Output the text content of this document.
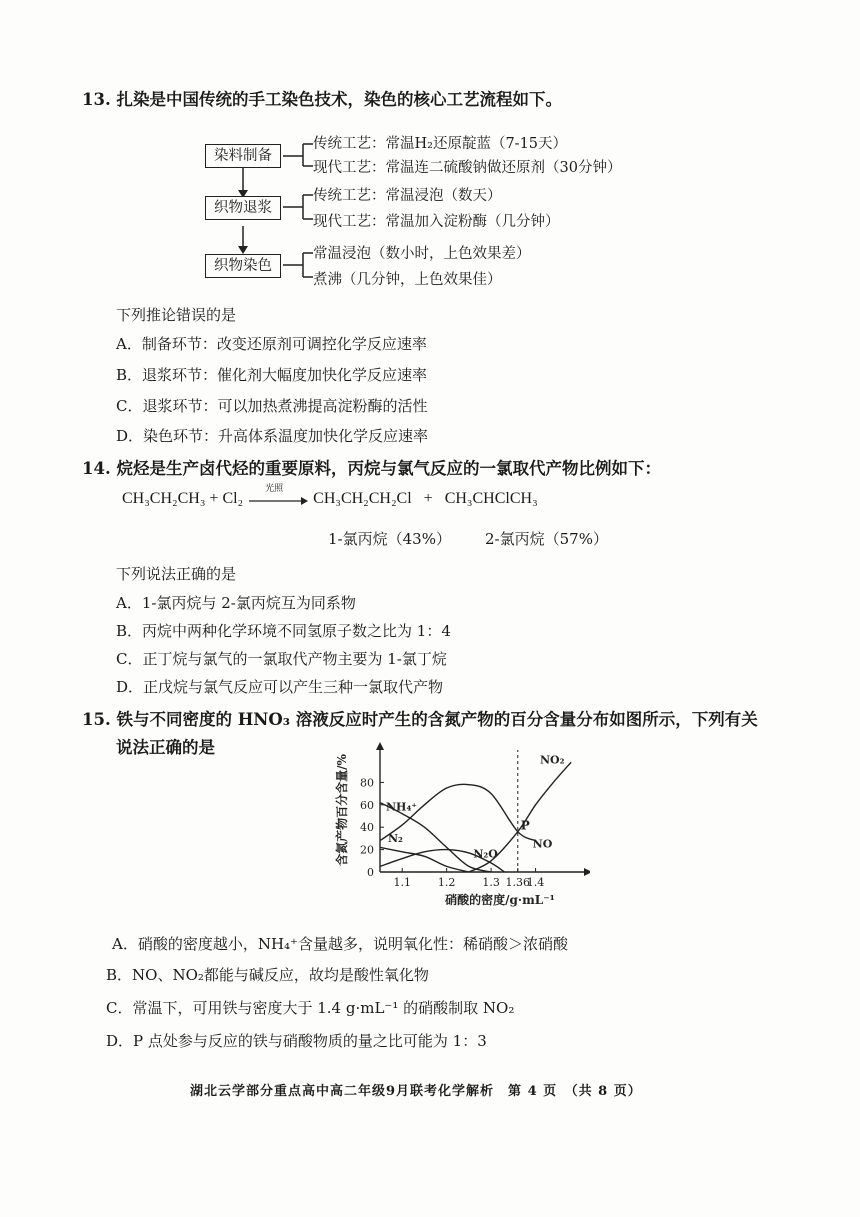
13. 扎染是中国传统的手工染色技术，染色的核心工艺流程如下。
染料制备
织物退浆
织物染色
传统工艺：常温H₂还原靛蓝（7-15天）
现代工艺：常温连二硫酸钠做还原剂（30分钟）
传统工艺：常温浸泡（数天）
现代工艺：常温加入淀粉酶（几分钟）
常温浸泡（数小时，上色效果差）
煮沸（几分钟，上色效果佳）
下列推论错误的是
A．制备环节：改变还原剂可调控化学反应速率
B．退浆环节：催化剂大幅度加快化学反应速率
C．退浆环节：可以加热煮沸提高淀粉酶的活性
D．染色环节：升高体系温度加快化学反应速率
14. 烷烃是生产卤代烃的重要原料，丙烷与氯气反应的一氯取代产物比例如下：
CH₃CH₂CH₃ + Cl₂
光照
CH₃CH₂CH₂Cl + CH₃CHClCH₃
1-氯丙烷（43%） 2-氯丙烷（57%）
下列说法正确的是
A．1-氯丙烷与 2-氯丙烷互为同系物
B．丙烷中两种化学环境不同氢原子数之比为 1：4
C．正丁烷与氯气的一氯取代产物主要为 1-氯丁烷
D．正戊烷与氯气反应可以产生三种一氯取代产物
15. 铁与不同密度的 HNO₃ 溶液反应时产生的含氮产物的百分含量分布如图所示，下列有关
说法正确的是
0
20
40
60
80
1.1 1.2 1.3 1.36
1.4
硝酸的密度/g·mL⁻¹
含氮产物百分含量/%	NO₂
NO
NH₄⁺
N₂
N₂O
P
A．硝酸的密度越小，NH₄⁺含量越多，说明氧化性：稀硝酸＞浓硝酸
B．NO、NO₂都能与碱反应，故均是酸性氧化物
C．常温下，可用铁与密度大于 1.4 g·mL⁻¹ 的硝酸制取 NO₂
D．P 点处参与反应的铁与硝酸物质的量之比可能为 1：3
湖北云学部分重点高中高二年级9月联考化学解析　第 4 页　（共 8 页）
